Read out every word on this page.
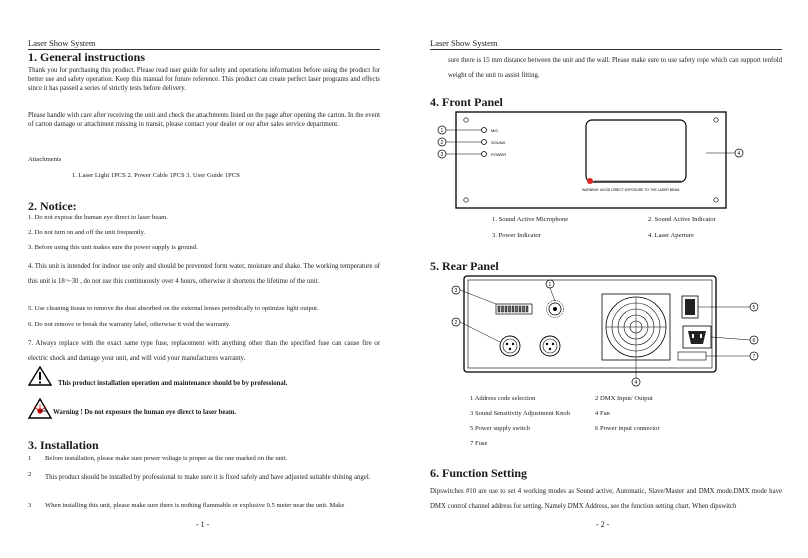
Laser Show System
1. General instructions
Thank you for purchasing this product. Please read user guide for safety and operations information before using the product for better use and safety operation. Keep this manual for future reference. This product can create perfect laser programs and effects since it has passed a series of strictly tests before delivery.
Please handle with care after receiving the unit and check the attachments listed on the page after opening the carton. In the event of carton damage or attachment missing in transit, please contact your dealer or our after sales service department.
Attachments
1. Laser Light 1PCS 2. Power Cable 1PCS 3. User Guide 1PCS
2. Notice:
1. Do not expose the human eye direct to laser beam.
2. Do not turn on and off the unit frequently.
3. Before using this unit makes sure the power supply is ground.
4. This unit is intended for indoor use only and should be prevented form water, moisture and shake. The working temperature of this unit is 18～30 , do not use this continuously over 4 hours, otherwise it shortens the lifetime of the unit.
5. Use cleaning tissue to remove the dust absorbed on the external lenses periodically to optimize light output.
6. Do not remove or break the warranty label, otherwise it void the warranty.
7. Always replace with the exact same type fuse, replacement with anything other than the specified fuse can cause fire or electric shock and damage your unit, and will void your manufactures warranty.
This product installation operation and maintenance should be by professional.
Warning ! Do not exposure the human eye direct to laser beam.
3. Installation
1 Before installation, please make sure power voltage is proper as the one marked on the unit.
2 This product should be installed by professional to make sure it is fixed safely and have adjusted suitable shining angel.
3 When installing this unit, please make sure there is nothing flammable or explosive 0.5 meter near the unit. Make
- 1 -
Laser Show System
sure there is 15 mm distance between the unit and the wall. Please make sure to use safety rope which can support tenfold weight of the unit to assist fitting.
4. Front Panel
WARNING: AVOID DIRECT EXPOSURE TO THE LASER BEAM
MIC
SOUND
POWER
1
2
3	4
1. Sound Active Microphone	2. Sound Active Indicator
3. Power Indicator	4. Laser Aperture
5. Rear Panel
3
2
4
5
6
7
1
1 Address code selection	2 DMX Input/ Output
3 Sound Sensitivity Adjustment Knob	4 Fan
5 Power supply switch	6 Power input connector
7 Fuse
6. Function Setting
Dipswitches #10 are use to set 4 working modes as Sound active, Automatic, Slave/Master and DMX mode.DMX mode have DMX control channel address for setting, Namely DMX Address, see the function setting chart. When dipswitch
- 2 -
